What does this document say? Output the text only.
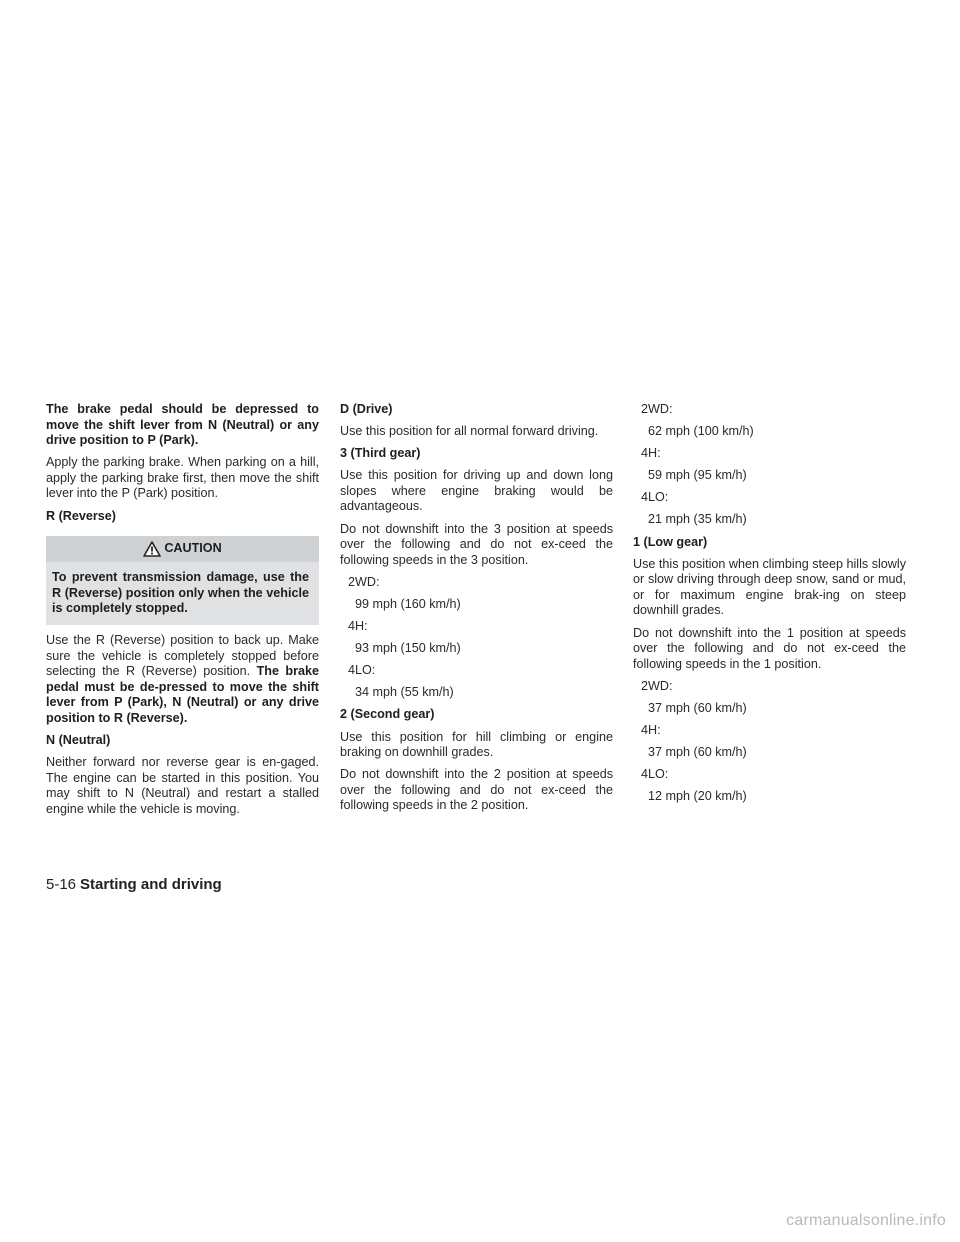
The brake pedal should be depressed to move the shift lever from N (Neutral) or any drive position to P (Park).

Apply the parking brake. When parking on a hill, apply the parking brake first, then move the shift lever into the P (Park) position.

R (Reverse)
CAUTION
To prevent transmission damage, use the R (Reverse) position only when the vehicle is completely stopped.

Use the R (Reverse) position to back up. Make sure the vehicle is completely stopped before selecting the R (Reverse) position. The brake pedal must be de-pressed to move the shift lever from P (Park), N (Neutral) or any drive position to R (Reverse).

N (Neutral)

Neither forward nor reverse gear is en-gaged. The engine can be started in this position. You may shift to N (Neutral) and restart a stalled engine while the vehicle is moving.

D (Drive)

Use this position for all normal forward driving.

3 (Third gear)

Use this position for driving up and down long slopes where engine braking would be advantageous.

Do not downshift into the 3 position at speeds over the following and do not ex-ceed the following speeds in the 3 position.

2WD:
99 mph (160 km/h)
4H:
93 mph (150 km/h)
4LO:
34 mph (55 km/h)
2 (Second gear)

Use this position for hill climbing or engine braking on downhill grades.

Do not downshift into the 2 position at speeds over the following and do not ex-ceed the following speeds in the 2 position.

2WD:
62 mph (100 km/h)
4H:
59 mph (95 km/h)
4LO:
21 mph (35 km/h)
1 (Low gear)

Use this position when climbing steep hills slowly or slow driving through deep snow, sand or mud, or for maximum engine brak-ing on steep downhill grades.

Do not downshift into the 1 position at speeds over the following and do not ex-ceed the following speeds in the 1 position.

2WD:
37 mph (60 km/h)
4H:
37 mph (60 km/h)
4LO:
12 mph (20 km/h)
5-16 Starting and driving
carmanualsonline.info
